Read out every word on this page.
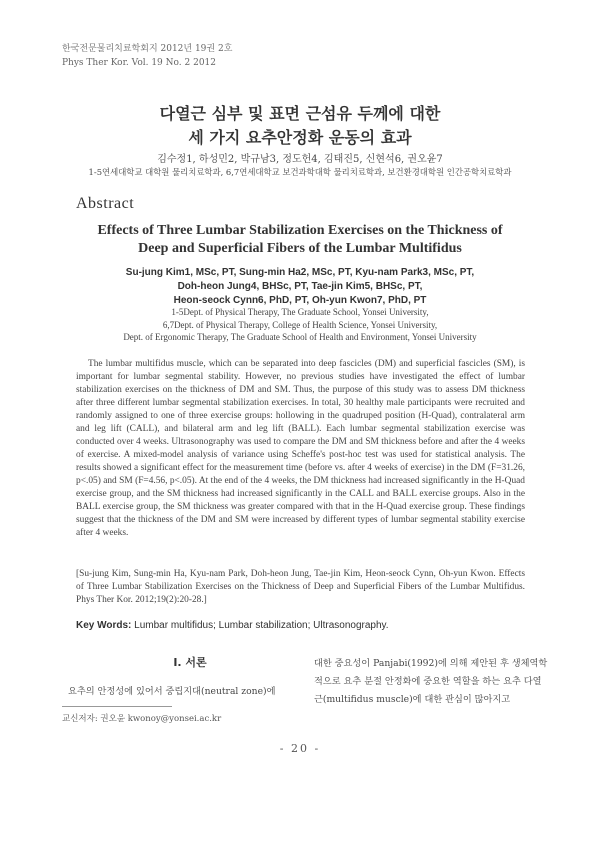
한국전문물리치료학회지 2012년 19권 2호
Phys Ther Kor. Vol. 19 No. 2 2012
다열근 심부 및 표면 근섬유 두께에 대한
세 가지 요추안정화 운동의 효과
김수정1, 하성민2, 박규남3, 정도헌4, 김태진5, 신현석6, 권오윤7
1-5연세대학교 대학원 물리치료학과, 6,7연세대학교 보건과학대학 물리치료학과, 보건환경대학원 인간공학치료학과
Abstract
Effects of Three Lumbar Stabilization Exercises on the Thickness of
Deep and Superficial Fibers of the Lumbar Multifidus
Su-jung Kim1, MSc, PT, Sung-min Ha2, MSc, PT, Kyu-nam Park3, MSc, PT,
Doh-heon Jung4, BHSc, PT, Tae-jin Kim5, BHSc, PT,
Heon-seock Cynn6, PhD, PT, Oh-yun Kwon7, PhD, PT
1-5Dept. of Physical Therapy, The Graduate School, Yonsei University,
6,7Dept. of Physical Therapy, College of Health Science, Yonsei University,
Dept. of Ergonomic Therapy, The Graduate School of Health and Environment, Yonsei University

The lumbar multifidus muscle, which can be separated into deep fascicles (DM) and superficial fascicles (SM), is important for lumbar segmental stability. However, no previous studies have investigated the effect of lumbar stabilization exercises on the thickness of DM and SM. Thus, the purpose of this study was to assess DM thickness after three different lumbar segmental stabilization exercises. In total, 30 healthy male participants were recruited and randomly assigned to one of three exercise groups: hollowing in the quadruped position (H-Quad), contralateral arm and leg lift (CALL), and bilateral arm and leg lift (BALL). Each lumbar segmental stabilization exercise was conducted over 4 weeks. Ultrasonography was used to compare the DM and SM thickness before and after the 4 weeks of exercise. A mixed-model analysis of variance using Scheffe's post-hoc test was used for statistical analysis. The results showed a significant effect for the measurement time (before vs. after 4 weeks of exercise) in the DM (F=31.26, p<.05) and SM (F=4.56, p<.05). At the end of the 4 weeks, the DM thickness had increased significantly in the H-Quad exercise group, and the SM thickness had increased significantly in the CALL and BALL exercise groups. Also in the BALL exercise group, the SM thickness was greater compared with that in the H-Quad exercise group. These findings suggest that the thickness of the DM and SM were increased by different types of lumbar segmental stability exercise after 4 weeks.

[Su-jung Kim, Sung-min Ha, Kyu-nam Park, Doh-heon Jung, Tae-jin Kim, Heon-seock Cynn, Oh-yun Kwon. Effects of Three Lumbar Stabilization Exercises on the Thickness of Deep and Superficial Fibers of the Lumbar Multifidus. Phys Ther Kor. 2012;19(2):20-28.]

Key Words: Lumbar multifidus; Lumbar stabilization; Ultrasonography.
Ⅰ. 서론

요추의 안정성에 있어서 중립지대(neutral zone)에

대한 중요성이 Panjabi(1992)에 의해 제안된 후 생체역학적으로 요추 분절 안정화에 중요한 역할을 하는 요추 다열근(multifidus muscle)에 대한 관심이 많아지고

교신저자: 권오윤 kwonoy@yonsei.ac.kr
- 20 -
